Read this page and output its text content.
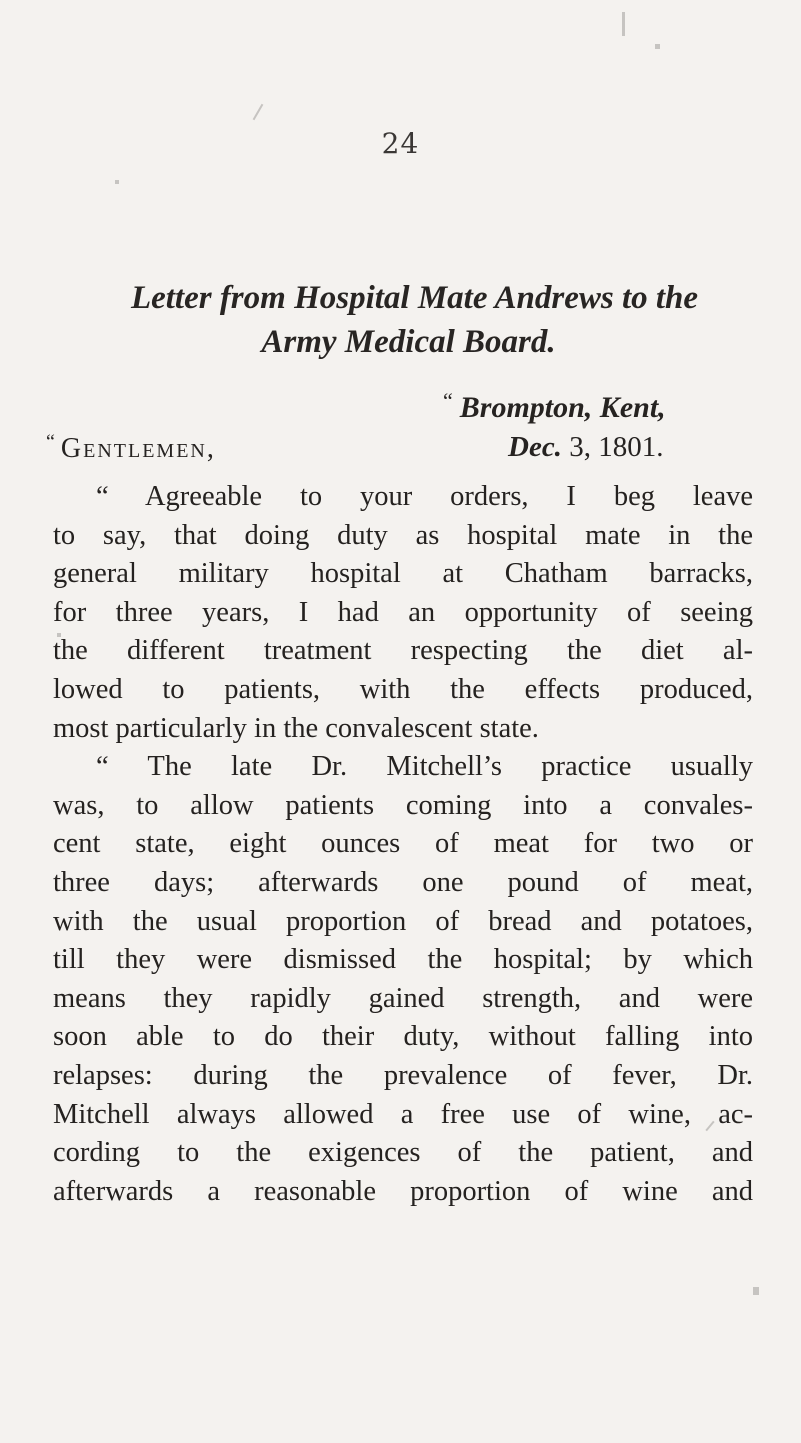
24
Letter from Hospital Mate Andrews to the
Army Medical Board.
“ Brompton, Kent,
“ Gentlemen,	Dec. 3, 1801.
“ Agreeable to your orders, I beg leave
to say, that doing duty as hospital mate in the
general military hospital at Chatham barracks,
for three years, I had an opportunity of seeing
the different treatment respecting the diet al-
lowed to patients, with the effects produced,
most particularly in the convalescent state.
“ The late Dr. Mitchell’s practice usually
was, to allow patients coming into a convales-
cent state, eight ounces of meat for two or
three days; afterwards one pound of meat,
with the usual proportion of bread and potatoes,
till they were dismissed the hospital; by which
means they rapidly gained strength, and were
soon able to do their duty, without falling into
relapses: during the prevalence of fever, Dr.
Mitchell always allowed a free use of wine, ac-
cording to the exigences of the patient, and
afterwards a reasonable proportion of wine and
